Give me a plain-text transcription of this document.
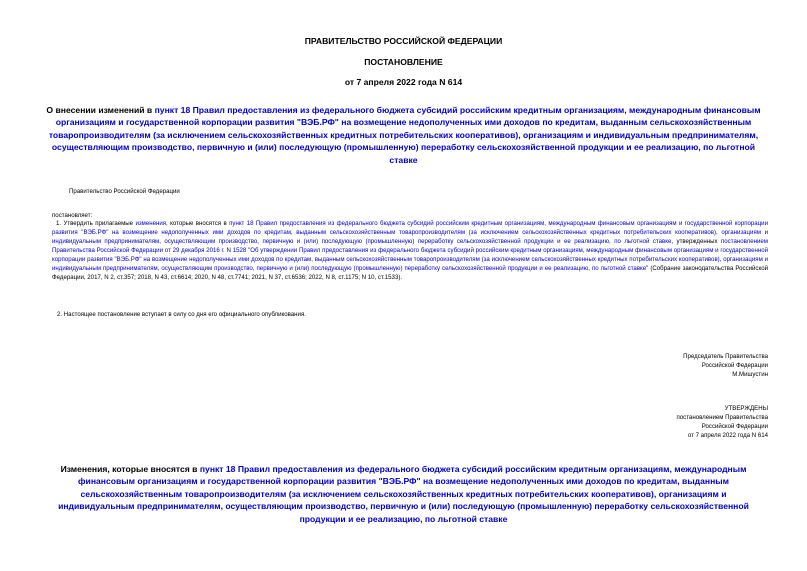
ПРАВИТЕЛЬСТВО РОССИЙСКОЙ ФЕДЕРАЦИИ
ПОСТАНОВЛЕНИЕ
от 7 апреля 2022 года N 614
О внесении изменений в пункт 18 Правил предоставления из федерального бюджета субсидий российским кредитным организациям, международным финансовым организациям и государственной корпорации развития "ВЭБ.РФ" на возмещение недополученных ими доходов по кредитам, выданным сельскохозяйственным товаропроизводителям (за исключением сельскохозяйственных кредитных потребительских кооперативов), организациям и индивидуальным предпринимателям, осуществляющим производство, первичную и (или) последующую (промышленную) переработку сельскохозяйственной продукции и ее реализацию, по льготной ставке
Правительство Российской Федерации
постановляет:
1. Утвердить прилагаемые изменения, которые вносятся в пункт 18 Правил предоставления из федерального бюджета субсидий российским кредитным организациям, международным финансовым организациям и государственной корпорации развития "ВЭБ.РФ" на возмещение недополученных ими доходов по кредитам, выданным сельскохозяйственным товаропроизводителям (за исключением сельскохозяйственных кредитных потребительских кооперативов), организациям и индивидуальным предпринимателям, осуществляющим производство, первичную и (или) последующую (промышленную) переработку сельскохозяйственной продукции и ее реализацию, по льготной ставке, утвержденных постановлением Правительства Российской Федерации от 29 декабря 2016 г. N 1528 "Об утверждении Правил предоставления из федерального бюджета субсидий российским кредитным организациям, международным финансовым организациям и государственной корпорации развития "ВЭБ.РФ" на возмещение недополученных ими доходов по кредитам, выданным сельскохозяйственным товаропроизводителям (за исключением сельскохозяйственных кредитных потребительских кооперативов), организациям и индивидуальным предпринимателям, осуществляющим производство, первичную и (или) последующую (промышленную) переработку сельскохозяйственной продукции и ее реализацию, по льготной ставке" (Собрание законодательства Российской Федерации, 2017, N 2, ст.357; 2018, N 43, ст.6614; 2020, N 48, ст.7741; 2021, N 37, ст.6536; 2022, N 8, ст.1175; N 10, ст.1533).
2. Настоящее постановление вступает в силу со дня его официального опубликования.
Председатель Правительства
Российской Федерации
М.Мишустин
УТВЕРЖДЕНЫ
постановлением Правительства
Российской Федерации
от 7 апреля 2022 года N 614
Изменения, которые вносятся в пункт 18 Правил предоставления из федерального бюджета субсидий российским кредитным организациям, международным финансовым организациям и государственной корпорации развития "ВЭБ.РФ" на возмещение недополученных ими доходов по кредитам, выданным сельскохозяйственным товаропроизводителям (за исключением сельскохозяйственных кредитных потребительских кооперативов), организациям и индивидуальным предпринимателям, осуществляющим производство, первичную и (или) последующую (промышленную) переработку сельскохозяйственной продукции и ее реализацию, по льготной ставке
